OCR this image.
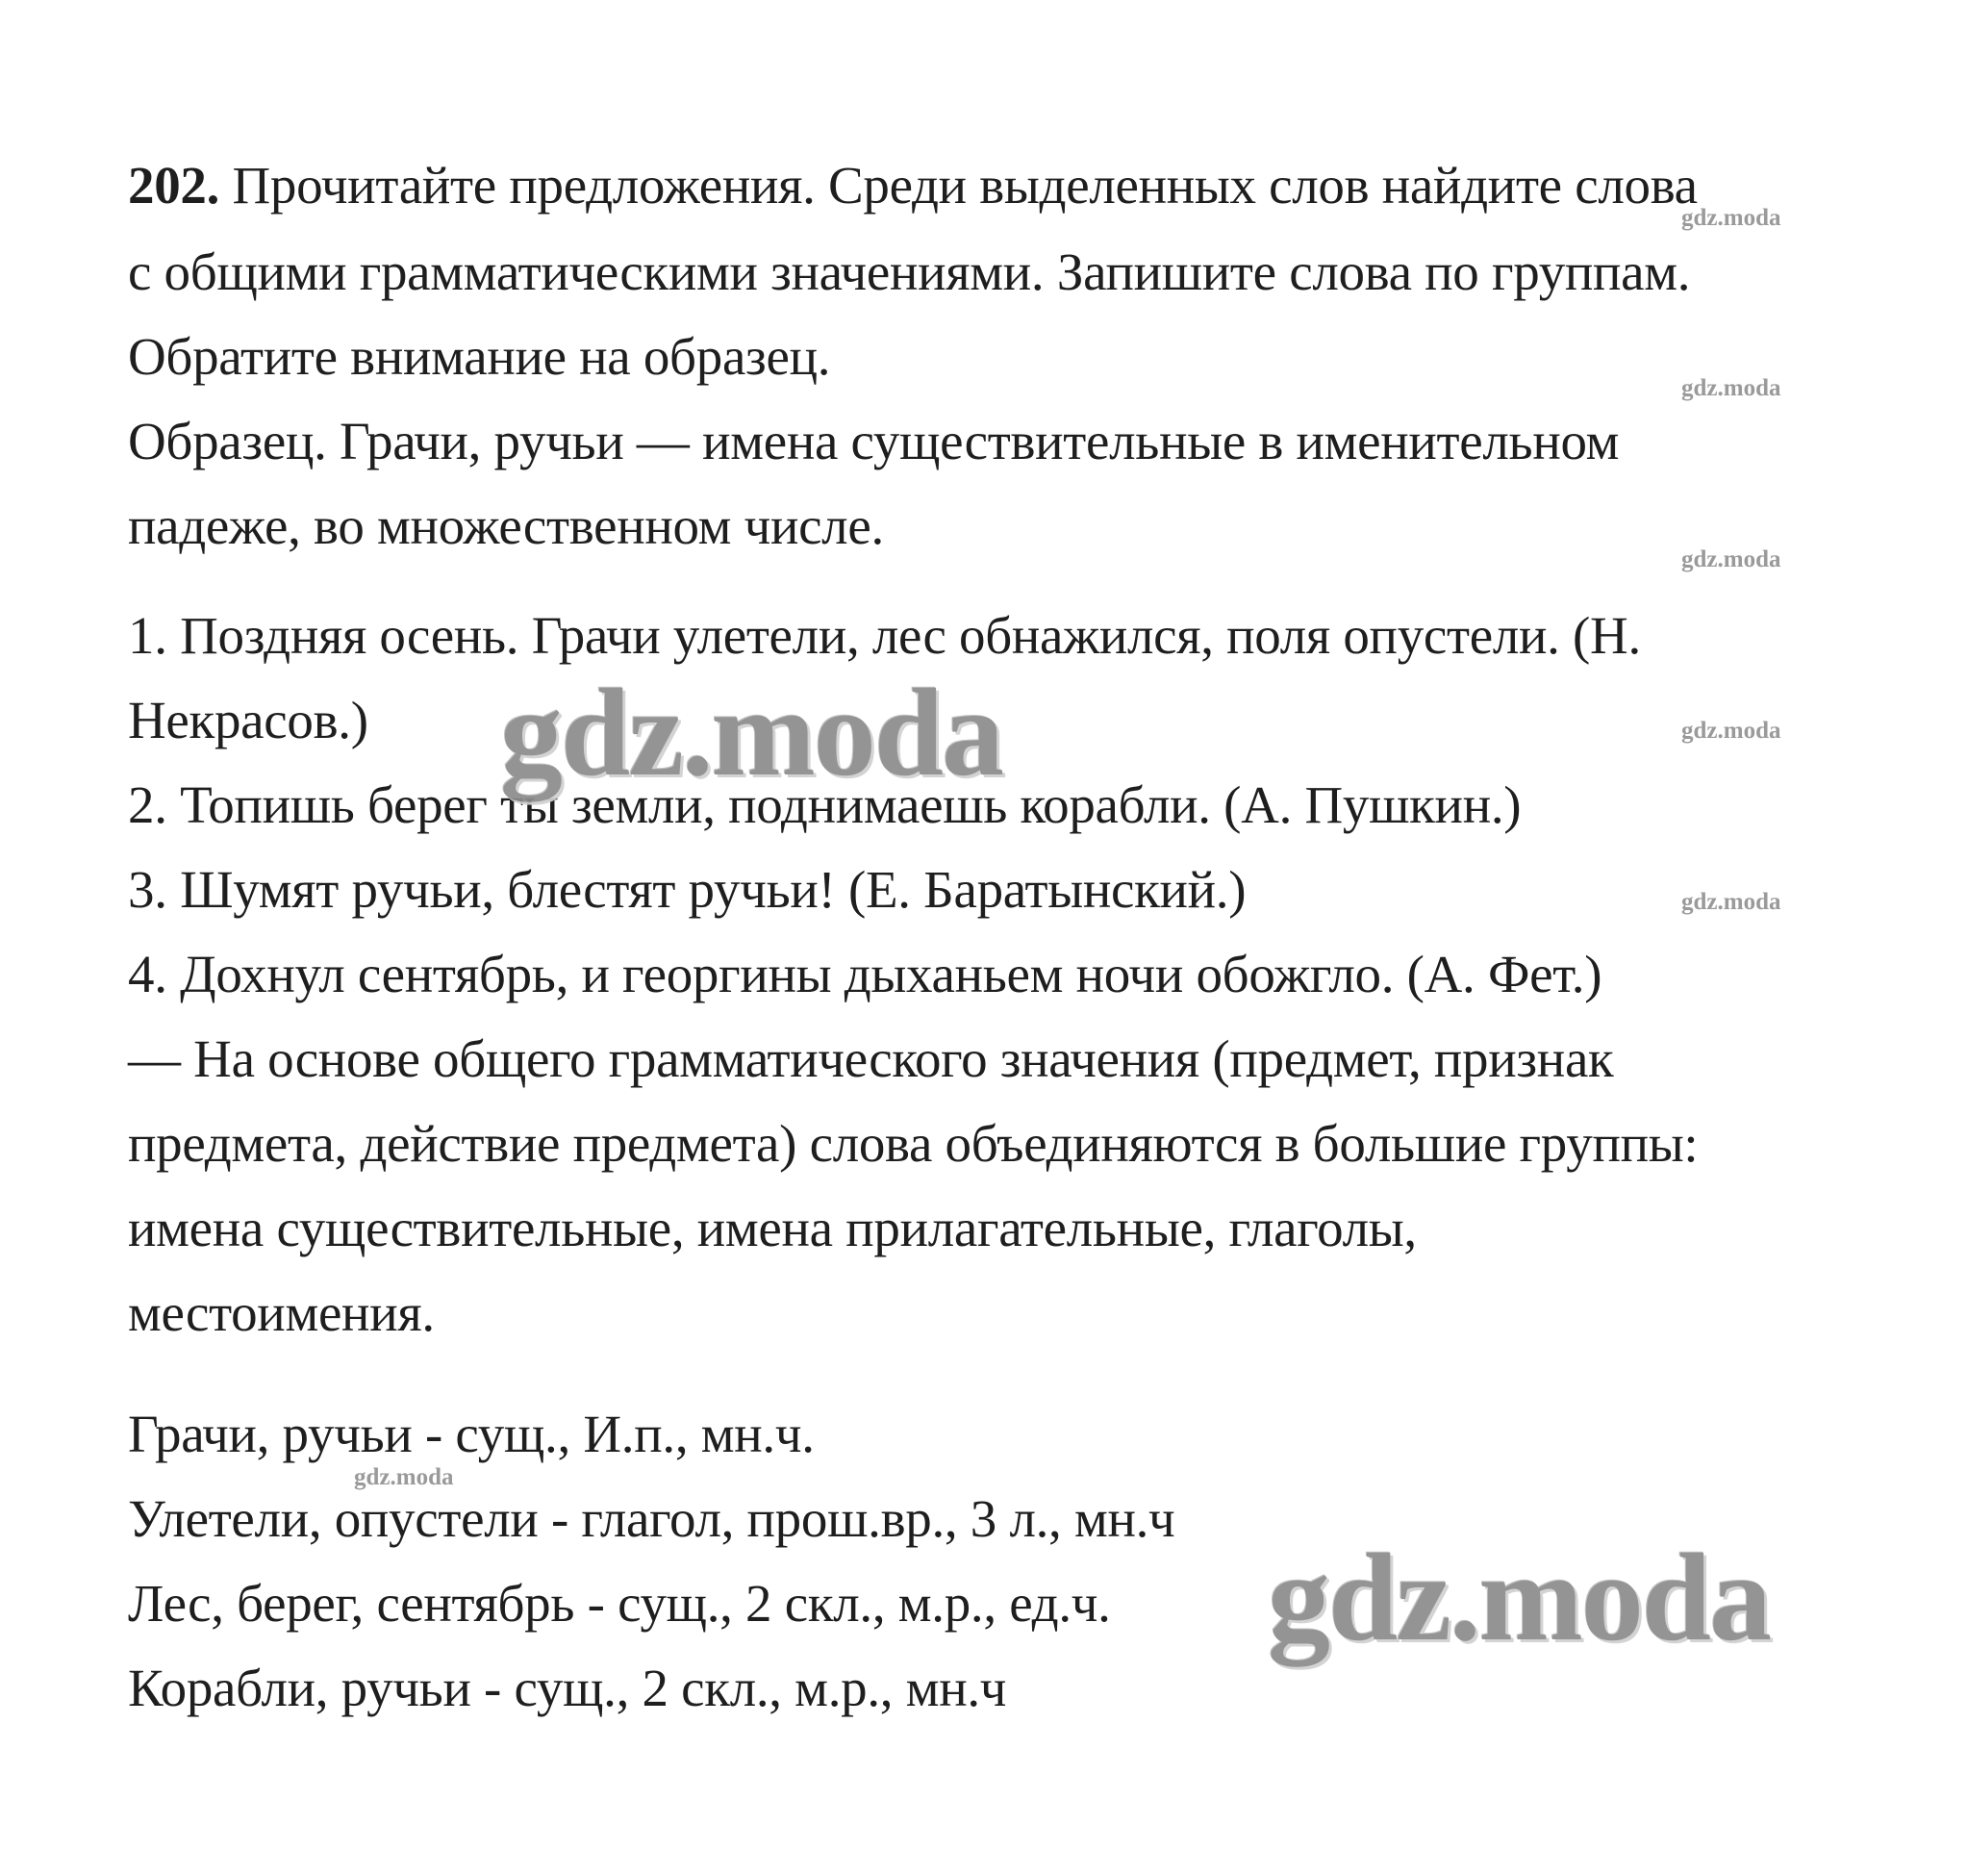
202. Прочитайте предложения. Среди выделенных слов найдите слова
с общими грамматическими значениями. Запишите слова по группам.
Обратите внимание на образец.
Образец. Грачи, ручьи — имена существительные в именительном
падеже, во множественном числе.
1. Поздняя осень. Грачи улетели, лес обнажился, поля опустели. (Н.
Некрасов.)
2. Топишь берег ты земли, поднимаешь корабли. (А. Пушкин.)
3. Шумят ручьи, блестят ручьи! (Е. Баратынский.)
4. Дохнул сентябрь, и георгины дыханьем ночи обожгло. (А. Фет.)
— На основе общего грамматического значения (предмет, признак
предмета, действие предмета) слова объединяются в большие группы:
имена существительные, имена прилагательные, глаголы,
местоимения.
Грачи, ручьи - сущ., И.п., мн.ч.
Улетели, опустели - глагол, прош.вр., 3 л., мн.ч
Лес, берег, сентябрь - сущ., 2 скл., м.р., ед.ч.
Корабли, ручьи - сущ., 2 скл., м.р., мн.ч
gdz.moda
gdz.moda
gdz.moda
gdz.moda
gdz.moda
gdz.moda
gdz.moda
gdz.moda
